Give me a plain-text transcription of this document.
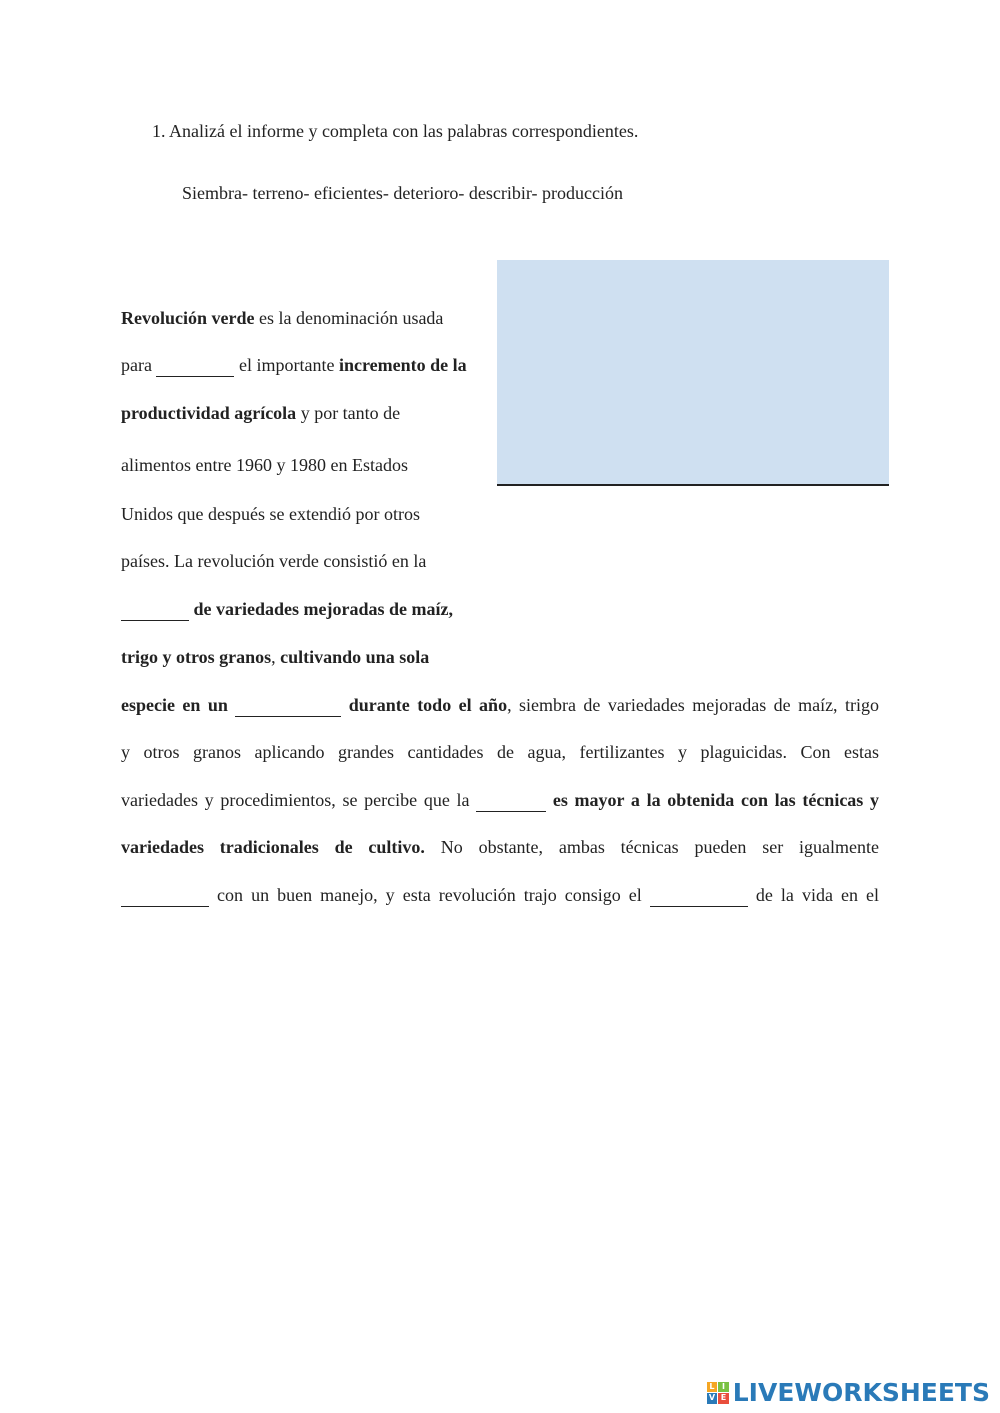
1. Analizá el informe y completa con las palabras correspondientes.
Siembra- terreno- eficientes- deterioro- describir- producción
Revolución verde es la denominación usada
para	el importante incremento de la
productividad agrícola y por tanto de
alimentos entre 1960 y 1980 en Estados
Unidos que después se extendió por otros
países. La revolución verde consistió en la
de variedades mejoradas de maíz,
trigo y otros granos, cultivando una sola
especie en un	durante todo el año, siembra de variedades mejoradas de maíz, trigo
y otros granos aplicando grandes cantidades de agua, fertilizantes y plaguicidas. Con estas
variedades y procedimientos, se percibe que la	es mayor a la obtenida con las técnicas y
variedades tradicionales de cultivo. No obstante, ambas técnicas pueden ser igualmente
con un buen manejo, y esta revolución trajo consigo el	de la vida en el
L I
V E LIVEWORKSHEETS
